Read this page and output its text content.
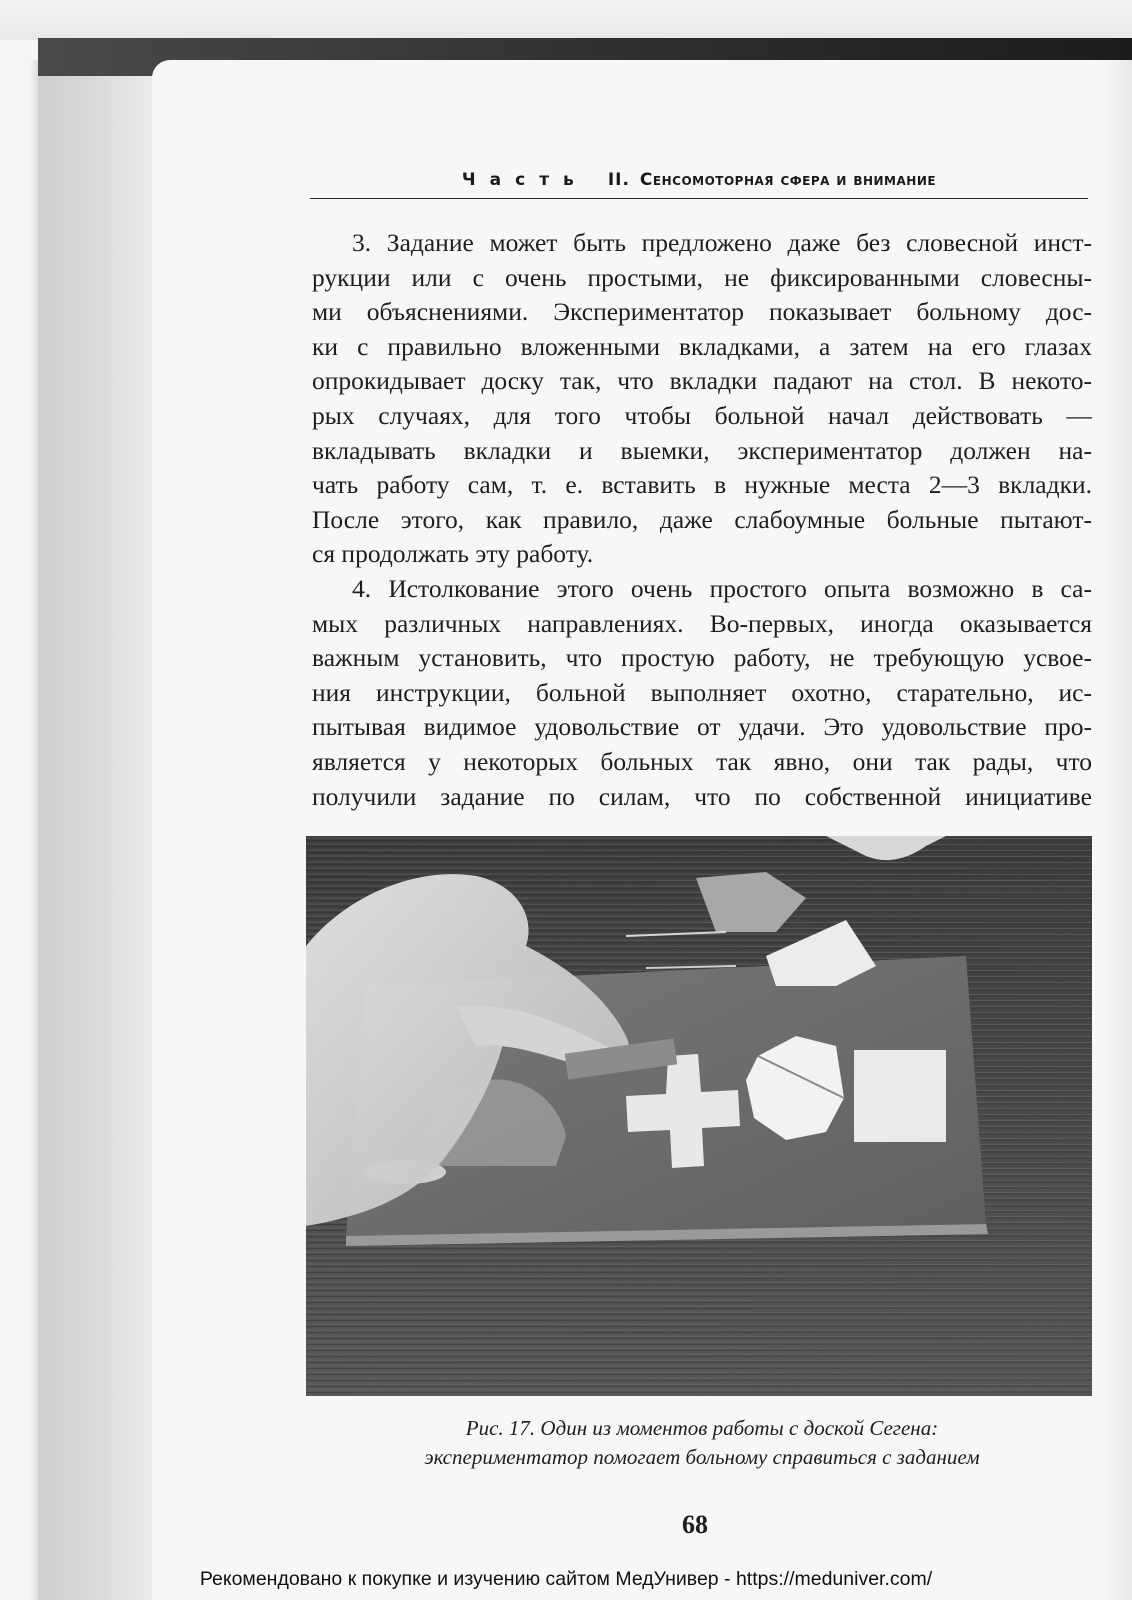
Часть II. Сенсомоторная сфера и внимание
3. Задание может быть предложено даже без словесной инст-
рукции или с очень простыми, не фиксированными словесны-
ми объяснениями. Экспериментатор показывает больному дос-
ки с правильно вложенными вкладками, а затем на его глазах
опрокидывает доску так, что вкладки падают на стол. В некото-
рых случаях, для того чтобы больной начал действовать —
вкладывать вкладки и выемки, экспериментатор должен на-
чать работу сам, т. е. вставить в нужные места 2—3 вкладки.
После этого, как правило, даже слабоумные больные пытают-
ся продолжать эту работу.
4. Истолкование этого очень простого опыта возможно в са-
мых различных направлениях. Во-первых, иногда оказывается
важным установить, что простую работу, не требующую усвое-
ния инструкции, больной выполняет охотно, старательно, ис-
пытывая видимое удовольствие от удачи. Это удовольствие про-
является у некоторых больных так явно, они так рады, что
получили задание по силам, что по собственной инициативе
Рис. 17. Один из моментов работы с доской Сегена:
экспериментатор помогает больному справиться с заданием
68
Рекомендовано к покупке и изучению сайтом МедУнивер - https://meduniver.com/
